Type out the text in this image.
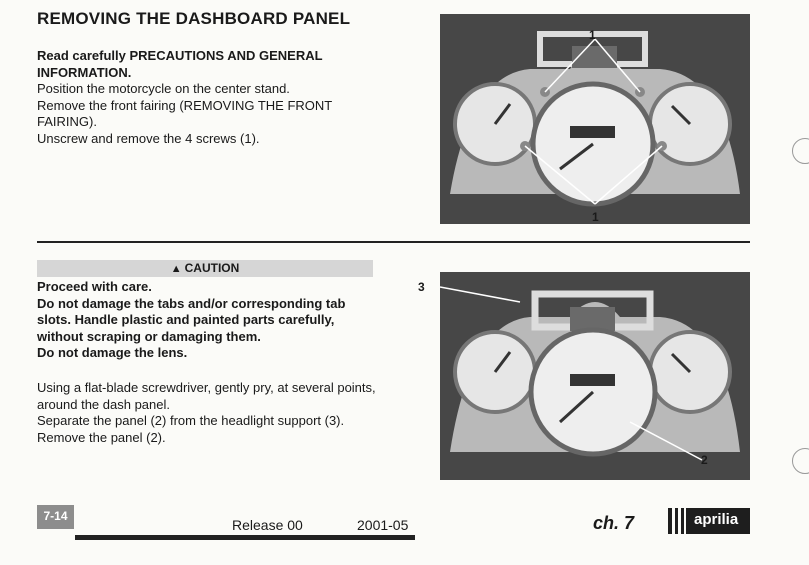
REMOVING THE DASHBOARD PANEL
Read carefully PRECAUTIONS AND GENERAL INFORMATION.
Position the motorcycle on the center stand.
Remove the front fairing (REMOVING THE FRONT FAIRING).
Unscrew and remove the 4 screws (1).
1
1
▲ CAUTION
Proceed with care.
Do not damage the tabs and/or corresponding tab slots. Handle plastic and painted parts carefully, without scraping or damaging them.
Do not damage the lens.
Using a flat-blade screwdriver, gently pry, at several points, around the dash panel.
Separate the panel (2) from the headlight support (3).
Remove the panel (2).
3
2
7-14
Release 00	2001-05	ch. 7	aprilia
